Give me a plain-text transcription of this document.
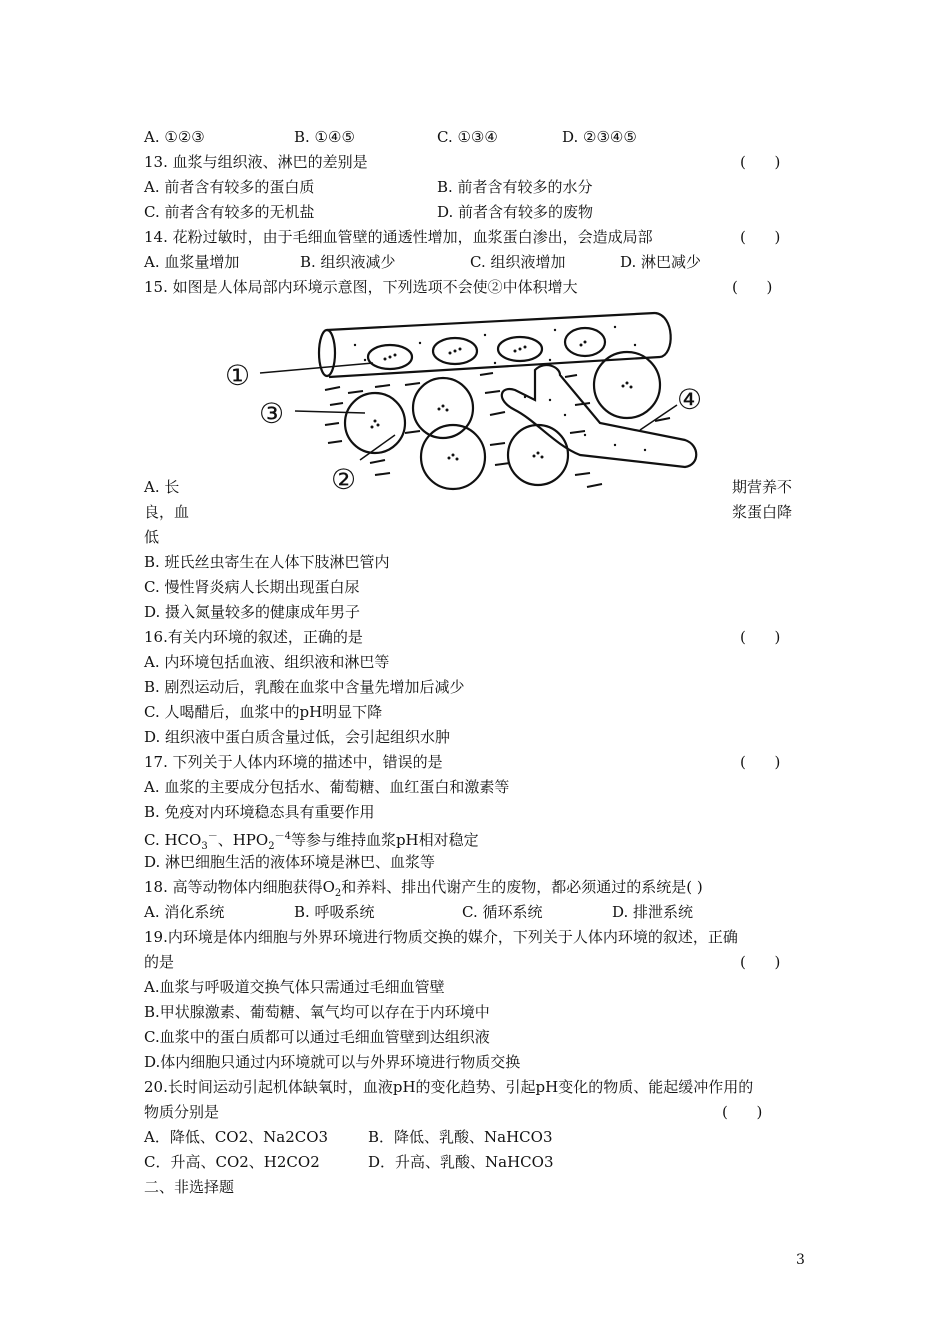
A. ①②③	B. ①④⑤	C. ①③④	D. ②③④⑤
13. 血浆与组织液、淋巴的差别是	(      )
A. 前者含有较多的蛋白质	B. 前者含有较多的水分
C. 前者含有较多的无机盐	D. 前者含有较多的废物
14. 花粉过敏时，由于毛细血管壁的通透性增加，血浆蛋白渗出，会造成局部	(      )
A. 血浆量增加	B. 组织液减少	C. 组织液增加	D. 淋巴减少
15. 如图是人体局部内环境示意图，下列选项不会使②中体积增大	(      )
①
②
③	④
A. 长	期营养不
良，血	浆蛋白降
低
B. 班氏丝虫寄生在人体下肢淋巴管内
C. 慢性肾炎病人长期出现蛋白尿
D. 摄入氮量较多的健康成年男子
16.有关内环境的叙述，正确的是	(      )
A. 内环境包括血液、组织液和淋巴等
B. 剧烈运动后，乳酸在血浆中含量先增加后减少
C. 人喝醋后，血浆中的pH明显下降
D. 组织液中蛋白质含量过低，会引起组织水肿
17. 下列关于人体内环境的描述中，错误的是	(      )
A. 血浆的主要成分包括水、葡萄糖、血红蛋白和激素等
B. 免疫对内环境稳态具有重要作用
C. $HCO_3^-$、$HPO_2^{-4}$等参与维持血浆pH相对稳定
D. 淋巴细胞生活的液体环境是淋巴、血浆等
18. 高等动物体内细胞获得$O_2$和养料、排出代谢产生的废物，都必须通过的系统是( )
A. 消化系统	B. 呼吸系统	C. 循环系统	D. 排泄系统
19.内环境是体内细胞与外界环境进行物质交换的媒介，下列关于人体内环境的叙述，正确
的是	(      )
A.血浆与呼吸道交换气体只需通过毛细血管壁
B.甲状腺激素、葡萄糖、氧气均可以存在于内环境中
C.血浆中的蛋白质都可以通过毛细血管壁到达组织液
D.体内细胞只通过内环境就可以与外界环境进行物质交换
20.长时间运动引起机体缺氧时，血液pH的变化趋势、引起pH变化的物质、能起缓冲作用的
物质分别是	(      )
A．降低、CO2、Na2CO3	B．降低、乳酸、NaHCO3
C．升高、CO2、H2CO2	D．升高、乳酸、NaHCO3
二、非选择题
3
